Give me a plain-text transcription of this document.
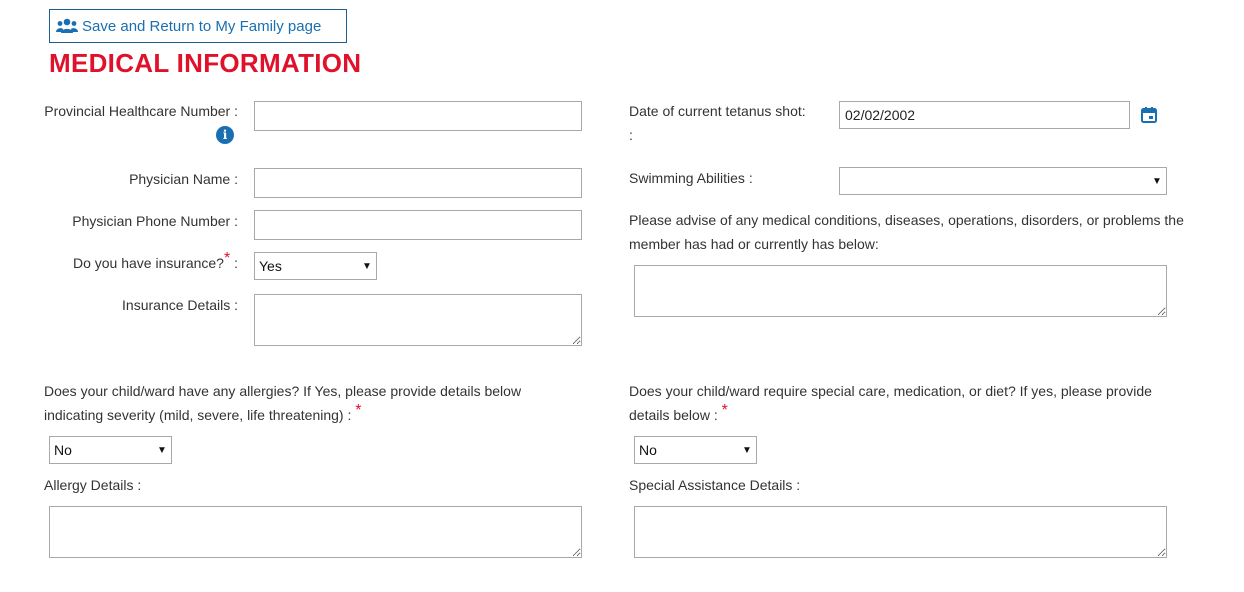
Save and Return to My Family page
MEDICAL INFORMATION
Provincial Healthcare Number :
i
Physician Name :
Physician Phone Number :
Do you have insurance?* : Yes	▼
Insurance Details :
Date of current tetanus shot:
:
02/02/2002
Swimming Abilities :	▼
Please advise of any medical conditions, diseases, operations, disorders, or problems the member has had or currently has below:
Does your child/ward have any allergies? If Yes, please provide details below indicating severity (mild, severe, life threatening) : *
No	▼
Allergy Details :
Does your child/ward require special care, medication, or diet? If yes, please provide details below : *
No	▼
Special Assistance Details :
